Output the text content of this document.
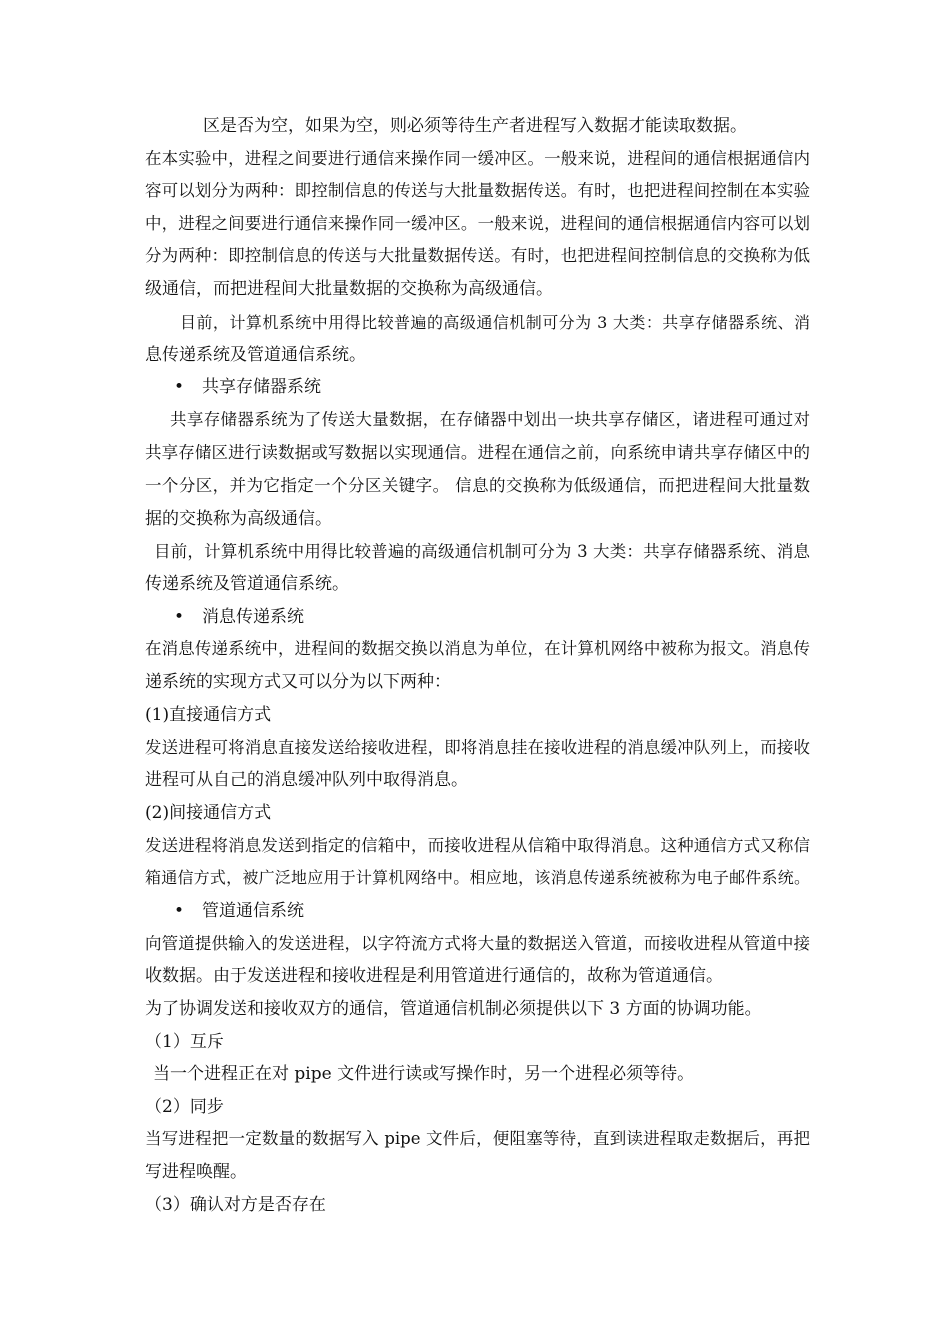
区是否为空，如果为空，则必须等待生产者进程写入数据才能读取数据。
在本实验中，进程之间要进行通信来操作同一缓冲区。一般来说，进程间的通信根据通信内
容可以划分为两种：即控制信息的传送与大批量数据传送。有时，也把进程间控制在本实验
中，进程之间要进行通信来操作同一缓冲区。一般来说，进程间的通信根据通信内容可以划
分为两种：即控制信息的传送与大批量数据传送。有时，也把进程间控制信息的交换称为低
级通信，而把进程间大批量数据的交换称为高级通信。
目前，计算机系统中用得比较普遍的高级通信机制可分为 3 大类：共享存储器系统、消
息传递系统及管道通信系统。
• 共享存储器系统
共享存储器系统为了传送大量数据，在存储器中划出一块共享存储区，诸进程可通过对
共享存储区进行读数据或写数据以实现通信。进程在通信之前，向系统申请共享存储区中的
一个分区，并为它指定一个分区关键字。 信息的交换称为低级通信，而把进程间大批量数
据的交换称为高级通信。
目前，计算机系统中用得比较普遍的高级通信机制可分为 3 大类：共享存储器系统、消息
传递系统及管道通信系统。
• 消息传递系统
在消息传递系统中，进程间的数据交换以消息为单位，在计算机网络中被称为报文。消息传
递系统的实现方式又可以分为以下两种：
(1)直接通信方式
发送进程可将消息直接发送给接收进程，即将消息挂在接收进程的消息缓冲队列上，而接收
进程可从自己的消息缓冲队列中取得消息。
(2)间接通信方式
发送进程将消息发送到指定的信箱中，而接收进程从信箱中取得消息。这种通信方式又称信
箱通信方式，被广泛地应用于计算机网络中。相应地，该消息传递系统被称为电子邮件系统。
• 管道通信系统
向管道提供输入的发送进程，以字符流方式将大量的数据送入管道，而接收进程从管道中接
收数据。由于发送进程和接收进程是利用管道进行通信的，故称为管道通信。
为了协调发送和接收双方的通信，管道通信机制必须提供以下 3 方面的协调功能。
（1）互斥
当一个进程正在对 pipe 文件进行读或写操作时，另一个进程必须等待。
（2）同步
当写进程把一定数量的数据写入 pipe 文件后，便阻塞等待，直到读进程取走数据后，再把
写进程唤醒。
（3）确认对方是否存在
